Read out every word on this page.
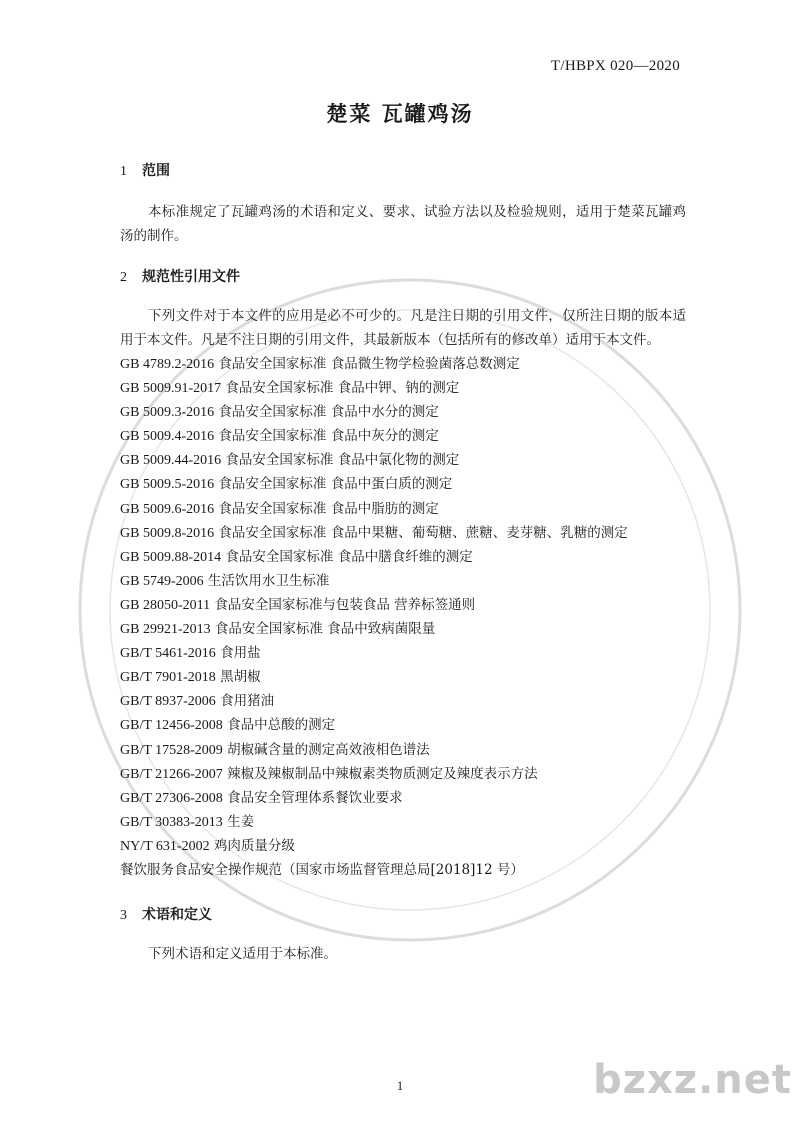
T/HBPX 020—2020
楚菜 瓦罐鸡汤
1 范围
本标准规定了瓦罐鸡汤的术语和定义、要求、试验方法以及检验规则，适用于楚菜瓦罐鸡汤的制作。
2 规范性引用文件
下列文件对于本文件的应用是必不可少的。凡是注日期的引用文件，仅所注日期的版本适用于本文件。凡是不注日期的引用文件，其最新版本（包括所有的修改单）适用于本文件。
GB 4789.2-2016 食品安全国家标准 食品微生物学检验菌落总数测定
GB 5009.91-2017 食品安全国家标准 食品中钾、钠的测定
GB 5009.3-2016 食品安全国家标准 食品中水分的测定
GB 5009.4-2016 食品安全国家标准 食品中灰分的测定
GB 5009.44-2016 食品安全国家标准 食品中氯化物的测定
GB 5009.5-2016 食品安全国家标准 食品中蛋白质的测定
GB 5009.6-2016 食品安全国家标准 食品中脂肪的测定
GB 5009.8-2016 食品安全国家标准 食品中果糖、葡萄糖、蔗糖、麦芽糖、乳糖的测定
GB 5009.88-2014 食品安全国家标准 食品中膳食纤维的测定
GB 5749-2006 生活饮用水卫生标准
GB 28050-2011 食品安全国家标准与包装食品 营养标签通则
GB 29921-2013 食品安全国家标准 食品中致病菌限量
GB/T 5461-2016 食用盐
GB/T 7901-2018 黑胡椒
GB/T 8937-2006 食用猪油
GB/T 12456-2008 食品中总酸的测定
GB/T 17528-2009 胡椒碱含量的测定高效液相色谱法
GB/T 21266-2007 辣椒及辣椒制品中辣椒素类物质测定及辣度表示方法
GB/T 27306-2008 食品安全管理体系餐饮业要求
GB/T 30383-2013 生姜
NY/T 631-2002 鸡肉质量分级
餐饮服务食品安全操作规范（国家市场监督管理总局[2018]12 号）
3 术语和定义
下列术语和定义适用于本标准。
1	bzxz.net
